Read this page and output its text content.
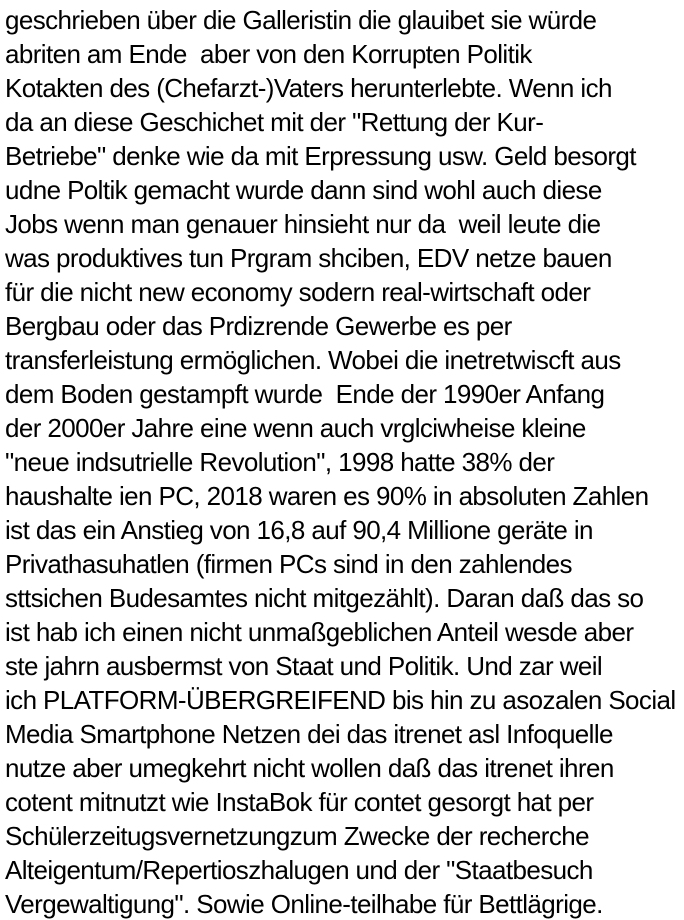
geschrieben über die Galleristin die glauibet sie würde
abriten am Ende  aber von den Korrupten Politik
Kotakten des (Chefarzt-)Vaters herunterlebte. Wenn ich
da an diese Geschichet mit der "Rettung der Kur-
Betriebe" denke wie da mit Erpressung usw. Geld besorgt
udne Poltik gemacht wurde dann sind wohl auch diese
Jobs wenn man genauer hinsieht nur da  weil leute die
was produktives tun Prgram shciben, EDV netze bauen
für die nicht new economy sodern real-wirtschaft oder
Bergbau oder das Prdizrende Gewerbe es per
transferleistung ermöglichen. Wobei die inetretwiscft aus
dem Boden gestampft wurde  Ende der 1990er Anfang
der 2000er Jahre eine wenn auch vrglciwheise kleine
"neue indsutrielle Revolution", 1998 hatte 38% der
haushalte ien PC, 2018 waren es 90% in absoluten Zahlen
ist das ein Anstieg von 16,8 auf 90,4 Millione geräte in
Privathasuhatlen (firmen PCs sind in den zahlendes
sttsichen Budesamtes nicht mitgezählt). Daran daß das so
ist hab ich einen nicht unmaßgeblichen Anteil wesde aber
ste jahrn ausbermst von Staat und Politik. Und zar weil
ich PLATFORM-ÜBERGREIFEND bis hin zu asozalen Social
Media Smartphone Netzen dei das itrenet asl Infoquelle
nutze aber umegkehrt nicht wollen daß das itrenet ihren
cotent mitnutzt wie InstaBok für contet gesorgt hat per
Schülerzeitugsvernetzungzum Zwecke der recherche
Alteigentum/Repertioszhalugen und der "Staatbesuch
Vergewaltigung". Sowie Online-teilhabe für Bettlägrige.
